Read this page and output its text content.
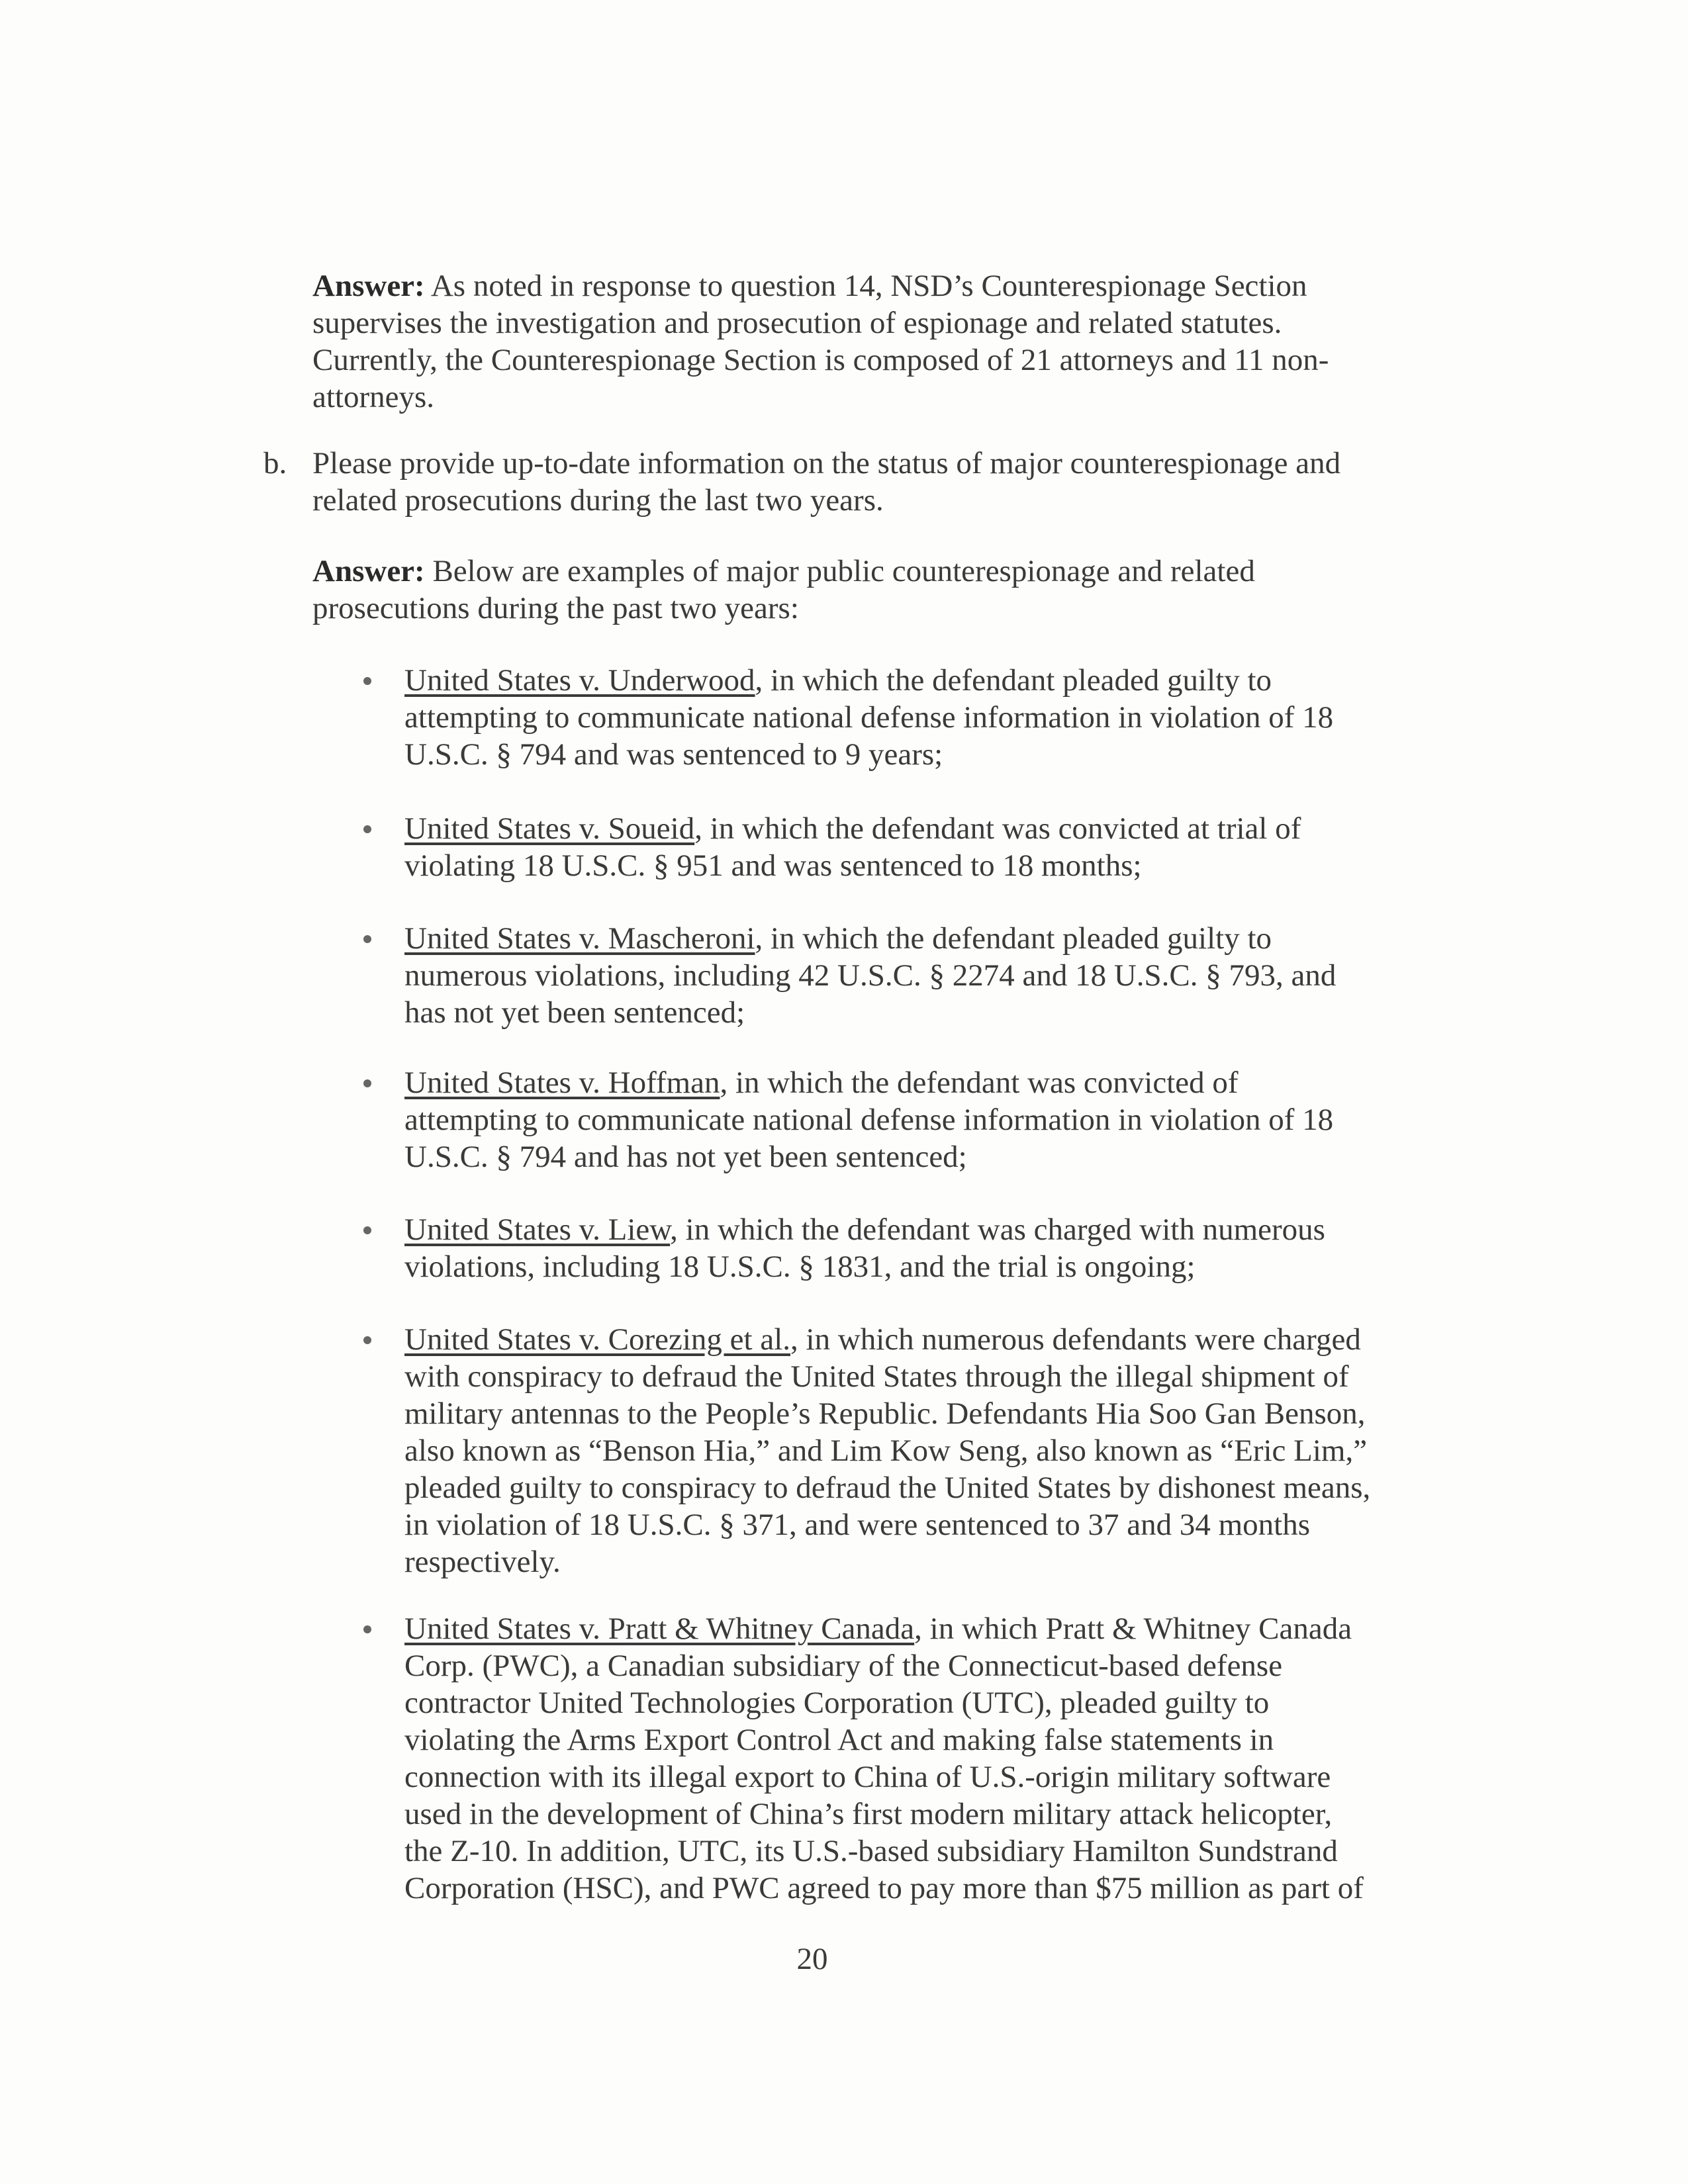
Answer: As noted in response to question 14, NSD’s Counterespionage Section
supervises the investigation and prosecution of espionage and related statutes.
Currently, the Counterespionage Section is composed of 21 attorneys and 11 non-
attorneys.
b. Please provide up-to-date information on the status of major counterespionage and
related prosecutions during the last two years.
Answer: Below are examples of major public counterespionage and related
prosecutions during the past two years:
United States v. Underwood, in which the defendant pleaded guilty to
attempting to communicate national defense information in violation of 18
U.S.C. § 794 and was sentenced to 9 years;
United States v. Soueid, in which the defendant was convicted at trial of
violating 18 U.S.C. § 951 and was sentenced to 18 months;
United States v. Mascheroni, in which the defendant pleaded guilty to
numerous violations, including 42 U.S.C. § 2274 and 18 U.S.C. § 793, and
has not yet been sentenced;
United States v. Hoffman, in which the defendant was convicted of
attempting to communicate national defense information in violation of 18
U.S.C. § 794 and has not yet been sentenced;
United States v. Liew, in which the defendant was charged with numerous
violations, including 18 U.S.C. § 1831, and the trial is ongoing;
United States v. Corezing et al., in which numerous defendants were charged
with conspiracy to defraud the United States through the illegal shipment of
military antennas to the People’s Republic. Defendants Hia Soo Gan Benson,
also known as “Benson Hia,” and Lim Kow Seng, also known as “Eric Lim,”
pleaded guilty to conspiracy to defraud the United States by dishonest means,
in violation of 18 U.S.C. § 371, and were sentenced to 37 and 34 months
respectively.
United States v. Pratt & Whitney Canada, in which Pratt & Whitney Canada
Corp. (PWC), a Canadian subsidiary of the Connecticut-based defense
contractor United Technologies Corporation (UTC), pleaded guilty to
violating the Arms Export Control Act and making false statements in
connection with its illegal export to China of U.S.-origin military software
used in the development of China’s first modern military attack helicopter,
the Z-10. In addition, UTC, its U.S.-based subsidiary Hamilton Sundstrand
Corporation (HSC), and PWC agreed to pay more than $75 million as part of
20
